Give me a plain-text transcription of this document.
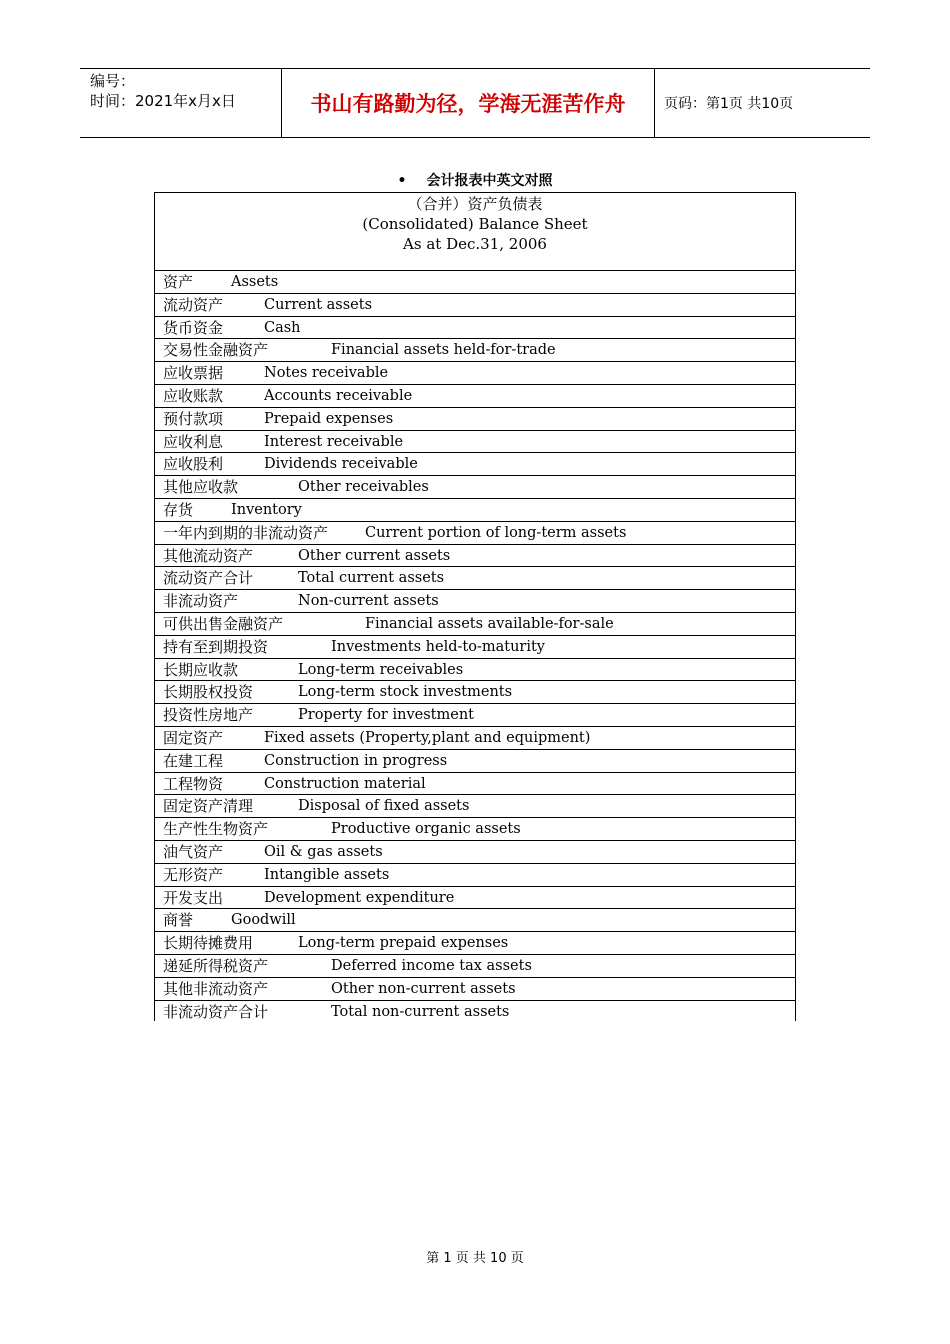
编号：
时间：2021年x月x日	书山有路勤为径，学海无涯苦作舟	页码：第1页 共10页
• 会计报表中英文对照
（合并）资产负债表
(Consolidated) Balance Sheet
As at Dec.31, 2006
资产	Assets
流动资产	Current assets
货币资金	Cash
交易性金融资产	Financial assets held-for-trade
应收票据	Notes receivable
应收账款	Accounts receivable
预付款项	Prepaid expenses
应收利息	Interest receivable
应收股利	Dividends receivable
其他应收款	Other receivables
存货	Inventory
一年内到期的非流动资产	Current portion of long-term assets
其他流动资产	Other current assets
流动资产合计	Total current assets
非流动资产	Non-current assets
可供出售金融资产	Financial assets available-for-sale
持有至到期投资	Investments held-to-maturity
长期应收款	Long-term receivables
长期股权投资	Long-term stock investments
投资性房地产	Property for investment
固定资产	Fixed assets (Property,plant and equipment)
在建工程	Construction in progress
工程物资	Construction material
固定资产清理	Disposal of fixed assets
生产性生物资产	Productive organic assets
油气资产	Oil & gas assets
无形资产	Intangible assets
开发支出	Development expenditure
商誉	Goodwill
长期待摊费用	Long-term prepaid expenses
递延所得税资产	Deferred income tax assets
其他非流动资产	Other non-current assets
非流动资产合计	Total non-current assets
第 1 页 共 10 页
